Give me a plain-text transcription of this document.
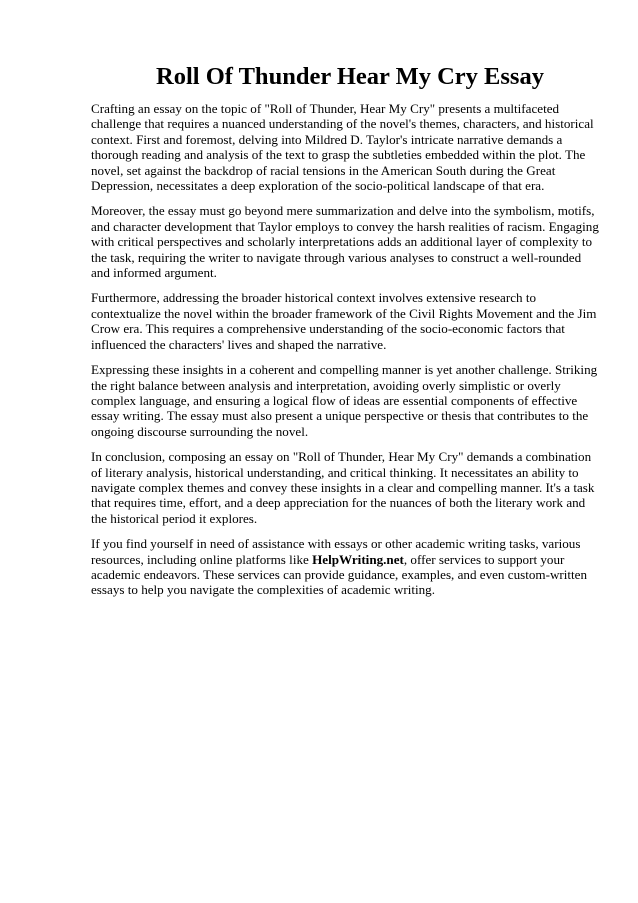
Roll Of Thunder Hear My Cry Essay

Crafting an essay on the topic of "Roll of Thunder, Hear My Cry" presents a multifaceted challenge that requires a nuanced understanding of the novel's themes, characters, and historical context. First and foremost, delving into Mildred D. Taylor's intricate narrative demands a thorough reading and analysis of the text to grasp the subtleties embedded within the plot. The novel, set against the backdrop of racial tensions in the American South during the Great Depression, necessitates a deep exploration of the socio-political landscape of that era.

Moreover, the essay must go beyond mere summarization and delve into the symbolism, motifs, and character development that Taylor employs to convey the harsh realities of racism. Engaging with critical perspectives and scholarly interpretations adds an additional layer of complexity to the task, requiring the writer to navigate through various analyses to construct a well-rounded and informed argument.

Furthermore, addressing the broader historical context involves extensive research to contextualize the novel within the broader framework of the Civil Rights Movement and the Jim Crow era. This requires a comprehensive understanding of the socio-economic factors that influenced the characters' lives and shaped the narrative.

Expressing these insights in a coherent and compelling manner is yet another challenge. Striking the right balance between analysis and interpretation, avoiding overly simplistic or overly complex language, and ensuring a logical flow of ideas are essential components of effective essay writing. The essay must also present a unique perspective or thesis that contributes to the ongoing discourse surrounding the novel.

In conclusion, composing an essay on "Roll of Thunder, Hear My Cry" demands a combination of literary analysis, historical understanding, and critical thinking. It necessitates an ability to navigate complex themes and convey these insights in a clear and compelling manner. It's a task that requires time, effort, and a deep appreciation for the nuances of both the literary work and the historical period it explores.

If you find yourself in need of assistance with essays or other academic writing tasks, various resources, including online platforms like HelpWriting.net, offer services to support your academic endeavors. These services can provide guidance, examples, and even custom-written essays to help you navigate the complexities of academic writing.
